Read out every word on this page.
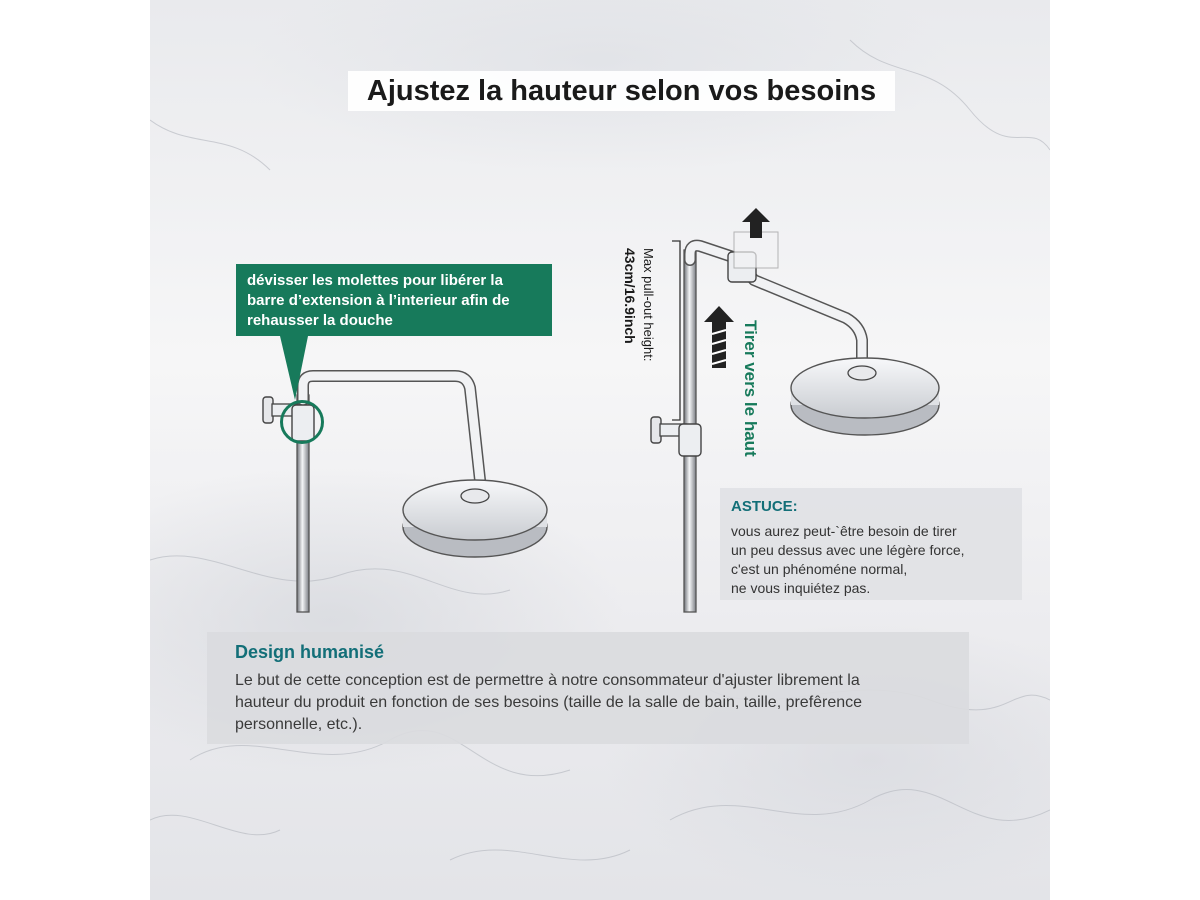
Ajustez la hauteur selon vos besoins
dévisser les molettes pour libérer la
barre d’extension à l’interieur afin de
rehausser la douche	Max pull-out height:
43cm/16.9inch
Tirer vers le haut
ASTUCE:
vous aurez peut-`être besoin de tirer
un peu dessus avec une légère force,
c'est un phénoméne normal,
ne vous inquiétez pas.
Design humanisé
Le but de cette conception est de permettre à notre consommateur d'ajuster librement la
hauteur du produit en fonction de ses besoins (taille de la salle de bain, taille, prefêrence
personnelle, etc.).
